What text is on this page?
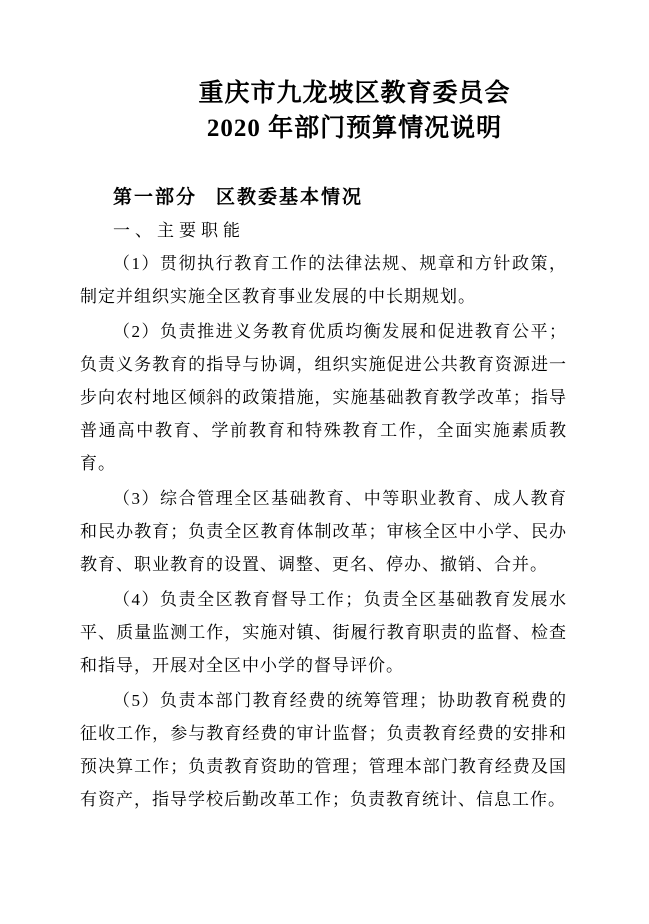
重庆市九龙坡区教育委员会
2020 年部门预算情况说明
第一部分 区教委基本情况
一、主要职能

（1）贯彻执行教育工作的法律法规、规章和方针政策，制定并组织实施全区教育事业发展的中长期规划。

（2）负责推进义务教育优质均衡发展和促进教育公平；负责义务教育的指导与协调，组织实施促进公共教育资源进一步向农村地区倾斜的政策措施，实施基础教育教学改革；指导普通高中教育、学前教育和特殊教育工作，全面实施素质教育。

（3）综合管理全区基础教育、中等职业教育、成人教育和民办教育；负责全区教育体制改革；审核全区中小学、民办教育、职业教育的设置、调整、更名、停办、撤销、合并。

（4）负责全区教育督导工作；负责全区基础教育发展水平、质量监测工作，实施对镇、街履行教育职责的监督、检查和指导，开展对全区中小学的督导评价。

（5）负责本部门教育经费的统筹管理；协助教育税费的征收工作，参与教育经费的审计监督；负责教育经费的安排和预决算工作；负责教育资助的管理；管理本部门教育经费及国有资产，指导学校后勤改革工作；负责教育统计、信息工作。
